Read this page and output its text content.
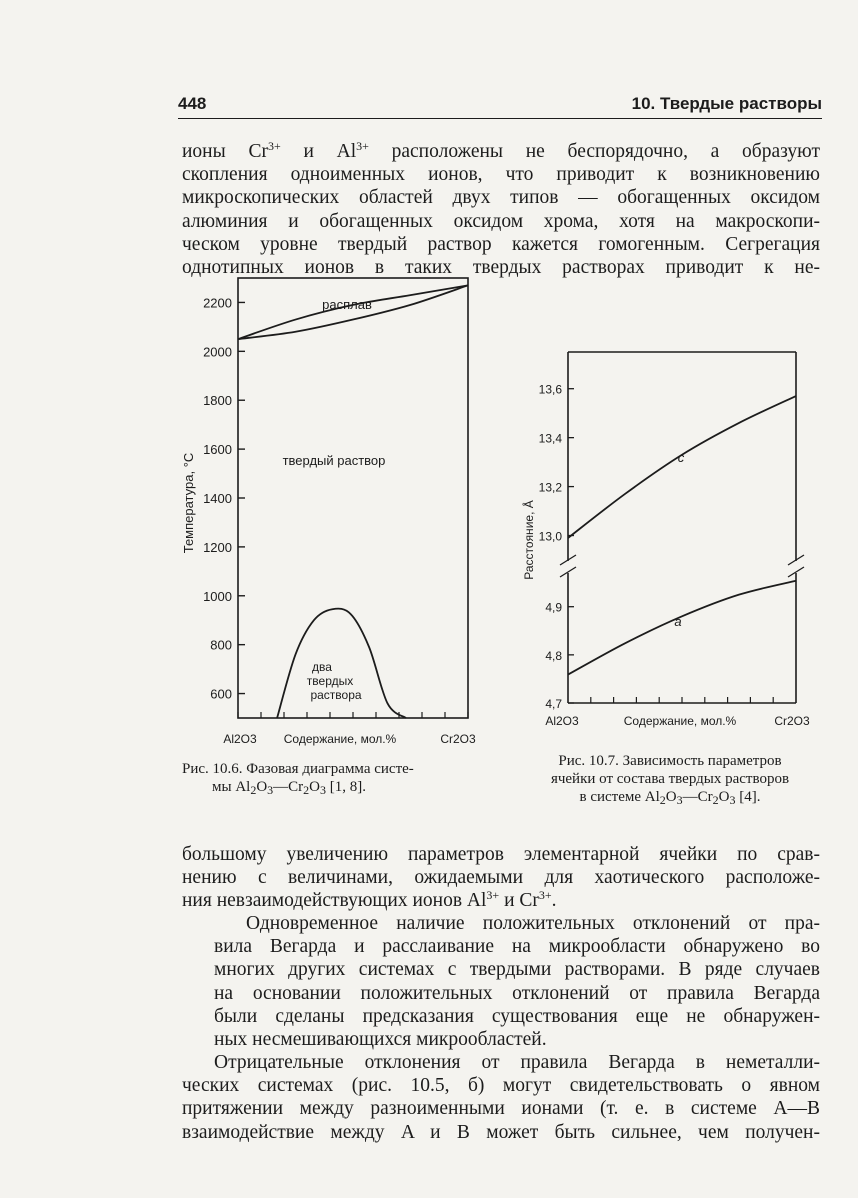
448	10. Твердые растворы

ионы $Cr^{3+}$ и $Al^{3+}$ расположены не беспорядочно, а образуют
скопления одноименных ионов, что приводит к возникновению
микроскопических областей двух типов — обогащенных оксидом
алюминия и обогащенных оксидом хрома, хотя на макроскопи-
ческом уровне твердый раствор кажется гомогенным. Сегрегация
однотипных ионов в таких твердых растворах приводит к не-

600
800
1000
1200
1400
1600
1800
2000
2200	расплав
твердый раствор
два
твердых
раствора
Al2O3 Содержание, мол.%	Cr2O3
Температура, °С

Рис. 10.6. Фазовая диаграмма систе-
мы $Al_2O_3—Cr_2O_3$ [1, 8].

13,0
13,2
13,4
13,6
4,7
4,8
4,9
c
a
Al2O3	Содержание, мол.%	Cr2O3
Расстояние, Å

Рис. 10.7. Зависимость параметров
ячейки от состава твердых растворов
в системе $Al_2O_3—Cr_2O_3$ [4].

большому увеличению параметров элементарной ячейки по срав-
нению с величинами, ожидаемыми для хаотического расположе-
ния невзаимодействующих ионов $Al^{3+}$ и $Cr^{3+}$.

Одновременное наличие положительных отклонений от пра-
вила Вегарда и расслаивание на микрообласти обнаружено во
многих других системах с твердыми растворами. В ряде случаев
на основании положительных отклонений от правила Вегарда
были сделаны предсказания существования еще не обнаружен-
ных несмешивающихся микрообластей.

Отрицательные отклонения от правила Вегарда в неметалли-
ческих системах (рис. 10.5, б) могут свидетельствовать о явном
притяжении между разноименными ионами (т. е. в системе A—B
взаимодействие между A и B может быть сильнее, чем получен-
